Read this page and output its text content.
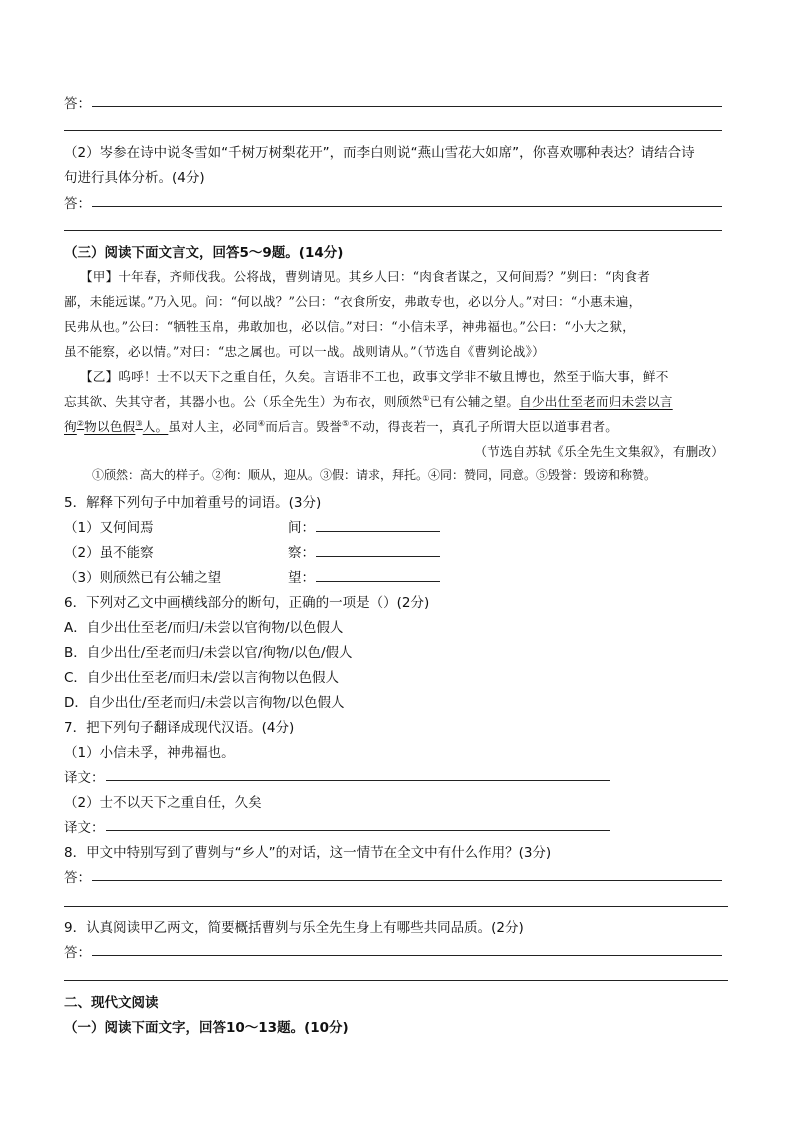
答：
（2）岑参在诗中说冬雪如“千树万树梨花开”，而李白则说“燕山雪花大如席”，你喜欢哪种表达？请结合诗
句进行具体分析。(4分)
答：
（三）阅读下面文言文，回答5～9题。(14分)
【甲】十年春，齐师伐我。公将战，曹刿请见。其乡人曰：“肉食者谋之，又何间焉？”刿曰：“肉食者
鄙，未能远谋。”乃入见。问：“何以战？”公曰：“衣食所安，弗敢专也，必以分人。”对曰：“小惠未遍，
民弗从也。”公曰：“牺牲玉帛，弗敢加也，必以信。”对曰：“小信未孚，神弗福也。”公曰：“小大之狱，
虽不能察，必以情。”对曰：“忠之属也。可以一战。战则请从。”（节选自《曹刿论战》）
【乙】呜呼！士不以天下之重自任，久矣。言语非不工也，政事文学非不敏且博也，然至于临大事，鲜不
忘其欲、失其守者，其器小也。公（乐全先生）为布衣，则颀然①已有公辅之望。自少出仕至老而归未尝以言
徇②物以色假③人。虽对人主，必同④而后言。毁誉⑤不动，得丧若一，真孔子所谓大臣以道事君者。
（节选自苏轼《乐全先生文集叙》，有删改）
①颀然：高大的样子。②徇：顺从，迎从。③假：请求，拜托。④同：赞同，同意。⑤毁誉：毁谤和称赞。
5．解释下列句子中加着重号的词语。(3分)
（1）又何间焉	间：
（2）虽不能察	察：
（3）则颀然已有公辅之望	望：
6．下列对乙文中画横线部分的断句，正确的一项是（）(2分)
A．自少出仕至老/而归/未尝以官徇物/以色假人
B．自少出仕/至老而归/未尝以官/徇物/以色/假人
C．自少出仕至老/而归未/尝以言徇物以色假人
D．自少出仕/至老而归/未尝以言徇物/以色假人
7．把下列句子翻译成现代汉语。(4分)
（1）小信未孚，神弗福也。
译文：
（2）士不以天下之重自任，久矣
译文：
8．甲文中特别写到了曹刿与“乡人”的对话，这一情节在全文中有什么作用？(3分)
答：
9．认真阅读甲乙两文，简要概括曹刿与乐全先生身上有哪些共同品质。(2分)
答：
二、现代文阅读
（一）阅读下面文字，回答10～13题。(10分)
